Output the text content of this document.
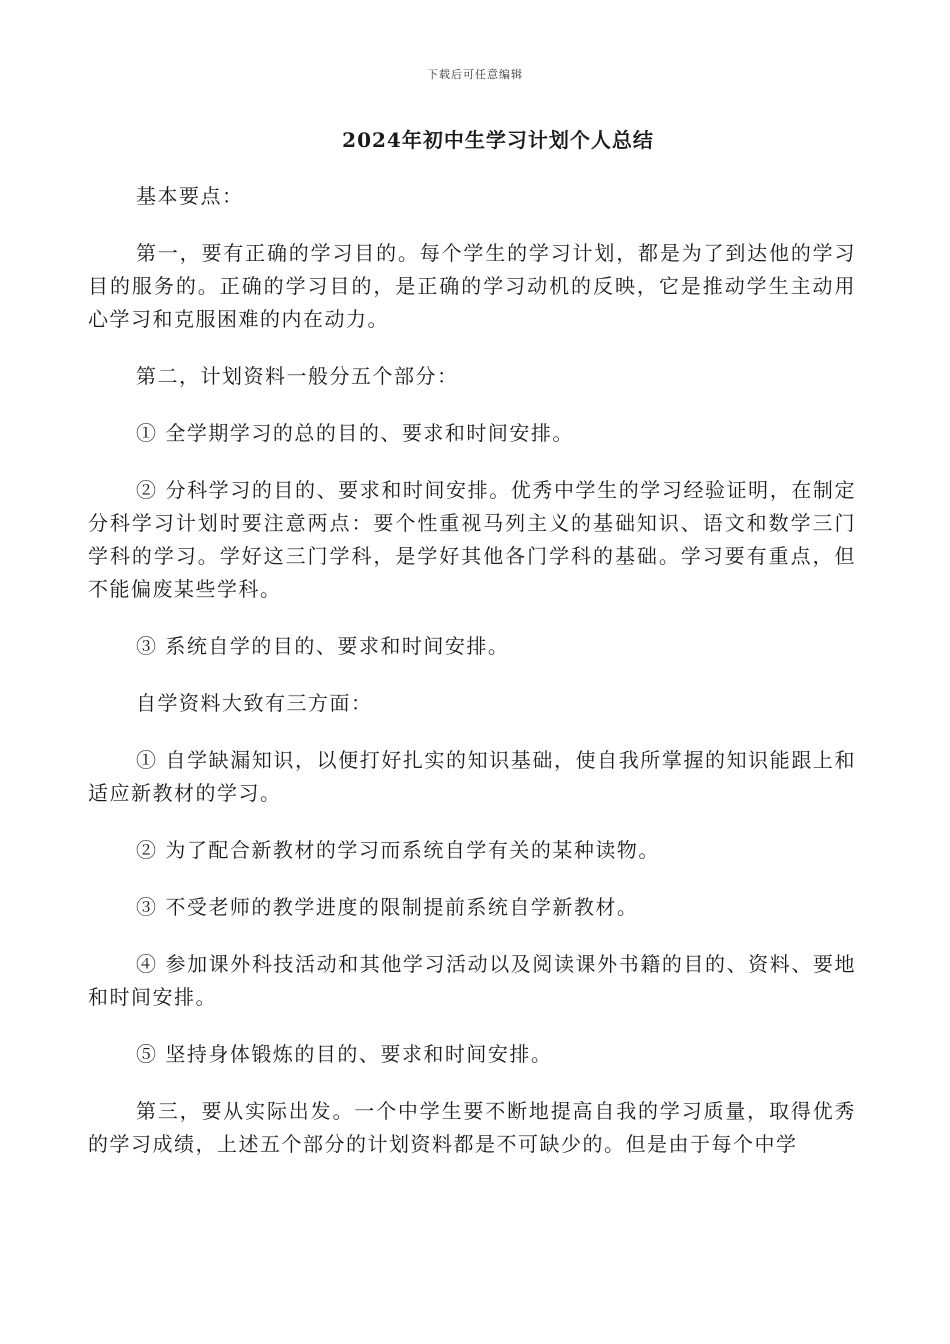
下载后可任意编辑
2024年初中生学习计划个人总结

基本要点：

第一，要有正确的学习目的。每个学生的学习计划，都是为了到达他的学习目的服务的。正确的学习目的，是正确的学习动机的反映，它是推动学生主动用心学习和克服困难的内在动力。

第二，计划资料一般分五个部分：

① 全学期学习的总的目的、要求和时间安排。

② 分科学习的目的、要求和时间安排。优秀中学生的学习经验证明，在制定分科学习计划时要注意两点：要个性重视马列主义的基础知识、语文和数学三门学科的学习。学好这三门学科，是学好其他各门学科的基础。学习要有重点，但不能偏废某些学科。

③ 系统自学的目的、要求和时间安排。

自学资料大致有三方面：

① 自学缺漏知识，以便打好扎实的知识基础，使自我所掌握的知识能跟上和适应新教材的学习。

② 为了配合新教材的学习而系统自学有关的某种读物。

③ 不受老师的教学进度的限制提前系统自学新教材。

④ 参加课外科技活动和其他学习活动以及阅读课外书籍的目的、资料、要地和时间安排。

⑤ 坚持身体锻炼的目的、要求和时间安排。

第三，要从实际出发。一个中学生要不断地提高自我的学习质量，取得优秀的学习成绩，上述五个部分的计划资料都是不可缺少的。但是由于每个中学
